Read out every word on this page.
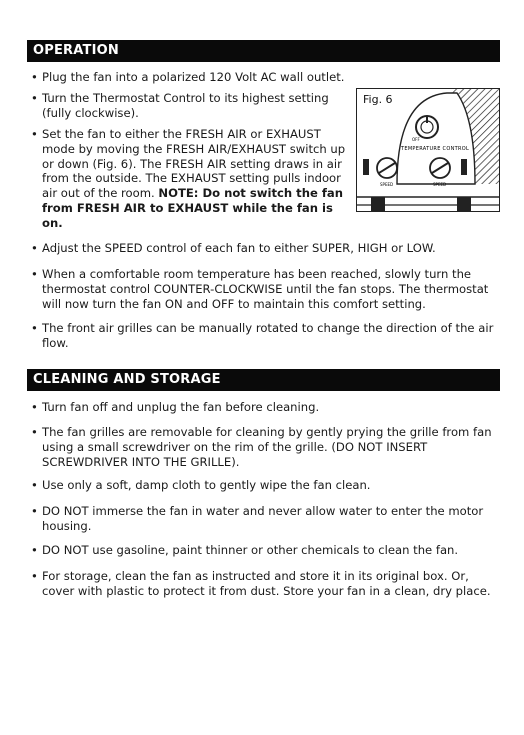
OPERATION
• Plug the fan into a polarized 120 Volt AC wall outlet.
• Turn the Thermostat Control to its highest setting (fully clockwise).
• Set the fan to either the FRESH AIR or EXHAUST mode by moving the FRESH AIR/EXHAUST switch up or down (Fig. 6). The FRESH AIR setting draws in air from the outside. The EXHAUST setting pulls indoor air out of the room. NOTE: Do not switch the fan from FRESH AIR to EXHAUST while the fan is on.
OFF
TEMPERATURE CONTROL
SPEED	SPEED
Fig. 6
• Adjust the SPEED control of each fan to either SUPER, HIGH or LOW.
• When a comfortable room temperature has been reached, slowly turn the thermostat control COUNTER-CLOCKWISE until the fan stops. The thermostat will now turn the fan ON and OFF to maintain this comfort setting.
• The front air grilles can be manually rotated to change the direction of the air flow.
CLEANING AND STORAGE
• Turn fan off and unplug the fan before cleaning.
• The fan grilles are removable for cleaning by gently prying the grille from fan using a small screwdriver on the rim of the grille. (DO NOT INSERT SCREWDRIVER INTO THE GRILLE).
• Use only a soft, damp cloth to gently wipe the fan clean.
• DO NOT immerse the fan in water and never allow water to enter the motor housing.
• DO NOT use gasoline, paint thinner or other chemicals to clean the fan.
• For storage, clean the fan as instructed and store it in its original box. Or, cover with plastic to protect it from dust. Store your fan in a clean, dry place.
